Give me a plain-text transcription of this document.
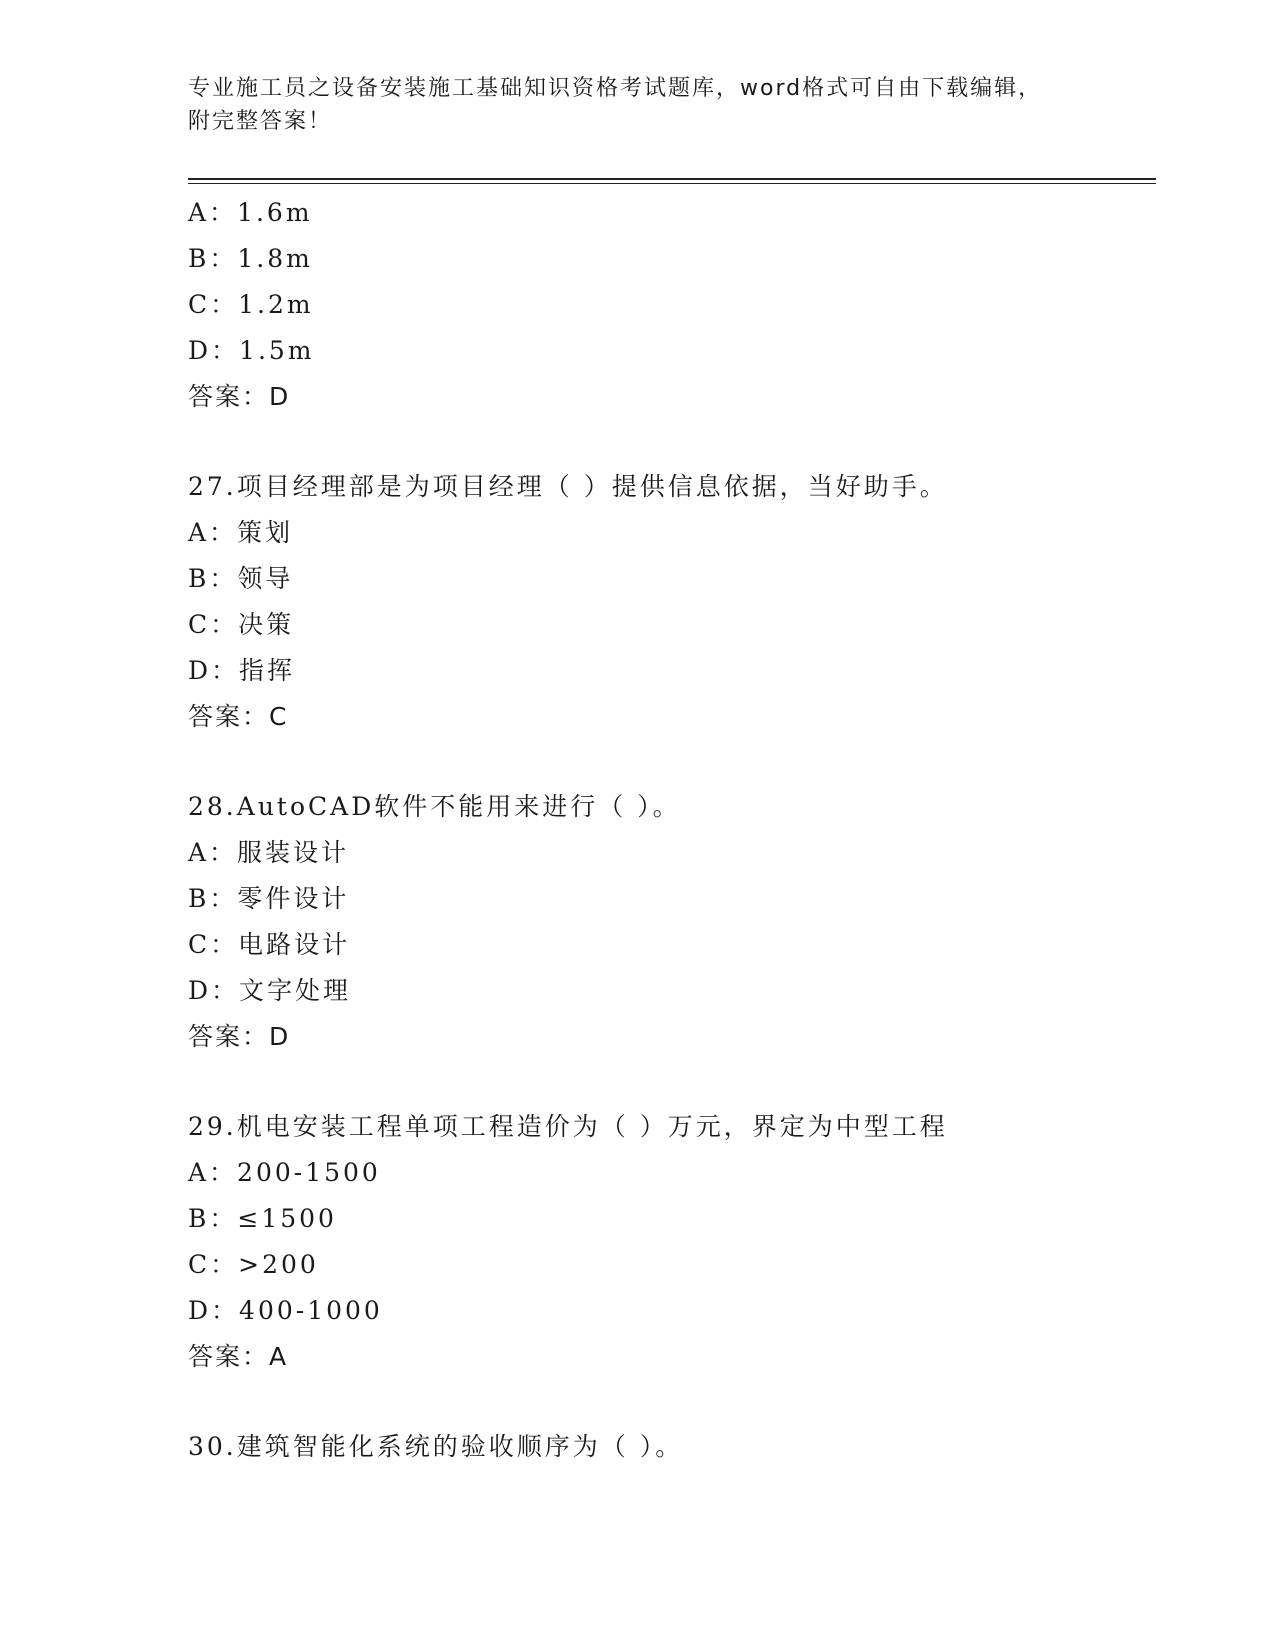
专业施工员之设备安装施工基础知识资格考试题库，word格式可自由下载编辑，
附完整答案！
A：1.6m
B：1.8m
C：1.2m
D：1.5m
答案：D
27.项目经理部是为项目经理（ ）提供信息依据，当好助手。
A：策划
B：领导
C：决策
D：指挥
答案：C
28.AutoCAD软件不能用来进行（ ）。
A：服装设计
B：零件设计
C：电路设计
D：文字处理
答案：D
29.机电安装工程单项工程造价为（ ）万元，界定为中型工程
A：200-1500
B：≤1500
C：>200
D：400-1000
答案：A
30.建筑智能化系统的验收顺序为（ ）。
